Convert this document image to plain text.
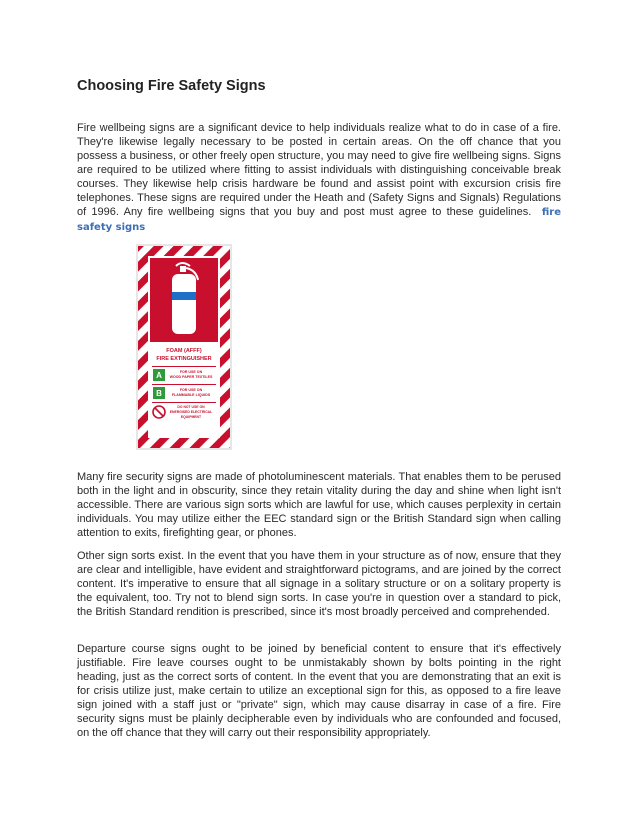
Choosing Fire Safety Signs

Fire wellbeing signs are a significant device to help individuals realize what to do in case of a fire. They're likewise legally necessary to be posted in certain areas. On the off chance that you possess a business, or other freely open structure, you may need to give fire wellbeing signs. Signs are required to be utilized where fitting to assist individuals with distinguishing conceivable break courses. They likewise help crisis hardware be found and assist point with excursion crisis fire telephones. These signs are required under the Heath and (Safety Signs and Signals) Regulations of 1996. Any fire wellbeing signs that you buy and post must agree to these guidelines. fire safety signs

FOAM (AFFF)
FIRE EXTINGUISHER
A	FOR USE ON
WOOD PAPER TEXTILES
B	FOR USE ON
FLAMMABLE LIQUIDS
DO NOT USE ON
ENERGISED ELECTRICAL
EQUIPMENT

Many fire security signs are made of photoluminescent materials. That enables them to be perused both in the light and in obscurity, since they retain vitality during the day and shine when light isn't accessible. There are various sign sorts which are lawful for use, which causes perplexity in certain individuals. You may utilize either the EEC standard sign or the British Standard sign when calling attention to exits, firefighting gear, or phones.

Other sign sorts exist. In the event that you have them in your structure as of now, ensure that they are clear and intelligible, have evident and straightforward pictograms, and are joined by the correct content. It's imperative to ensure that all signage in a solitary structure or on a solitary property is the equivalent, too. Try not to blend sign sorts. In case you're in question over a standard to pick, the British Standard rendition is prescribed, since it's most broadly perceived and comprehended.

Departure course signs ought to be joined by beneficial content to ensure that it's effectively justifiable. Fire leave courses ought to be unmistakably shown by bolts pointing in the right heading, just as the correct sorts of content. In the event that you are demonstrating that an exit is for crisis utilize just, make certain to utilize an exceptional sign for this, as opposed to a fire leave sign joined with a staff just or "private" sign, which may cause disarray in case of a fire. Fire security signs must be plainly decipherable even by individuals who are confounded and focused, on the off chance that they will carry out their responsibility appropriately.
